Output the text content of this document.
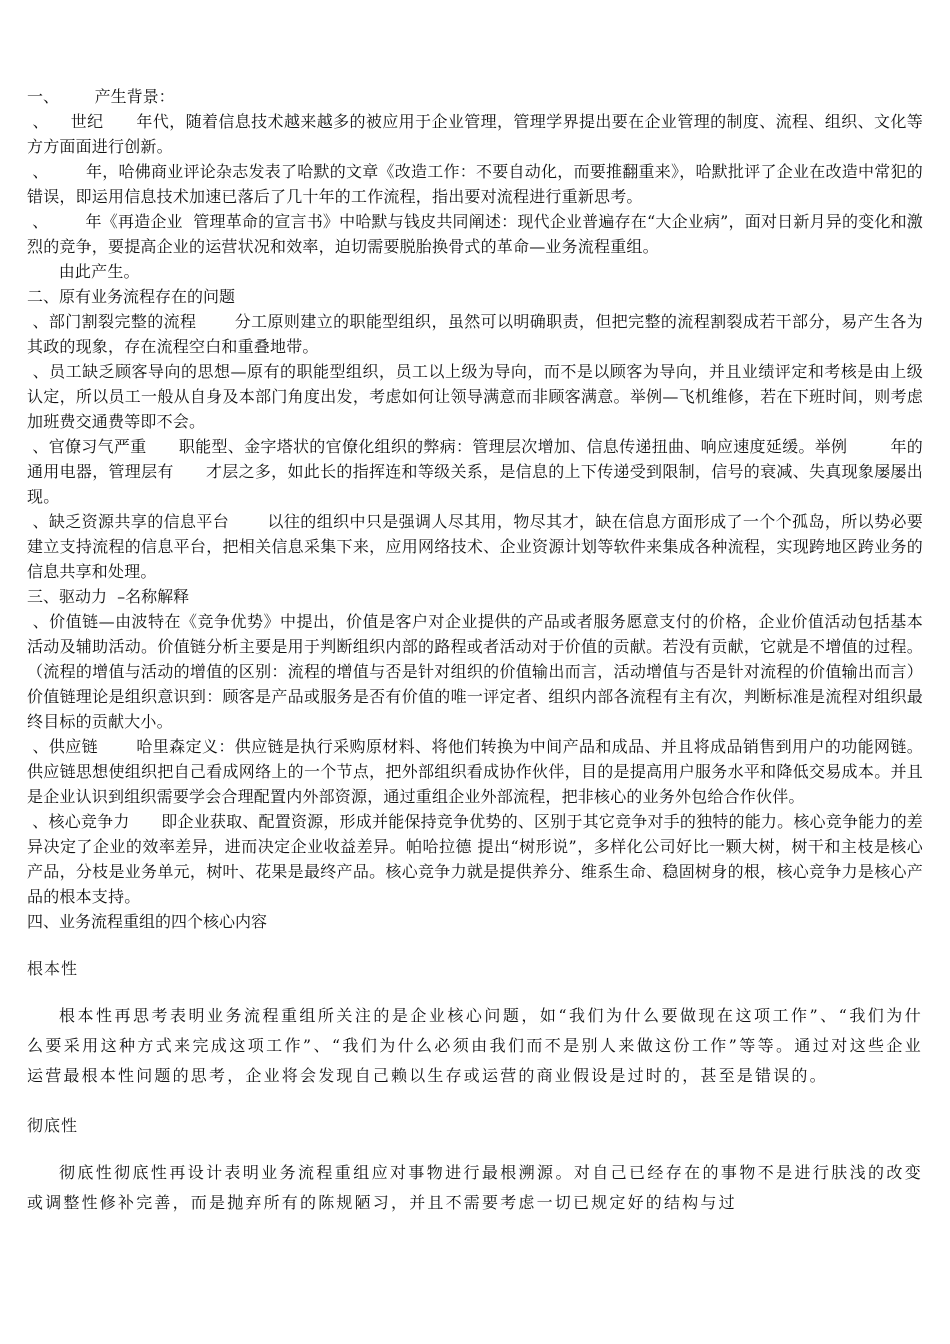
一、       产生背景：

、    世纪      年代，随着信息技术越来越多的被应用于企业管理，管理学界提出要在企业管理的制度、流程、组织、文化等方方面面进行创新。

、       年，哈佛商业评论杂志发表了哈默的文章《改造工作：不要自动化，而要推翻重来》，哈默批评了企业在改造中常犯的错误，即运用信息技术加速已落后了几十年的工作流程，指出要对流程进行重新思考。

、       年《再造企业  管理革命的宣言书》中哈默与钱皮共同阐述：现代企业普遍存在“大企业病”，面对日新月异的变化和激烈的竞争，要提高企业的运营状况和效率，迫切需要脱胎换骨式的革命—业务流程重组。

由此产生。

二、原有业务流程存在的问题

、部门割裂完整的流程       分工原则建立的职能型组织，虽然可以明确职责，但把完整的流程割裂成若干部分，易产生各为其政的现象，存在流程空白和重叠地带。

、员工缺乏顾客导向的思想—原有的职能型组织，员工以上级为导向，而不是以顾客为导向，并且业绩评定和考核是由上级认定，所以员工一般从自身及本部门角度出发，考虑如何让领导满意而非顾客满意。举例—飞机维修，若在下班时间，则考虑加班费交通费等即不会。

、官僚习气严重      职能型、金字塔状的官僚化组织的弊病：管理层次增加、信息传递扭曲、响应速度延缓。举例        年的通用电器，管理层有      才层之多，如此长的指挥连和等级关系，是信息的上下传递受到限制，信号的衰减、失真现象屡屡出现。

、缺乏资源共享的信息平台       以往的组织中只是强调人尽其用，物尽其才，缺在信息方面形成了一个个孤岛，所以势必要建立支持流程的信息平台，把相关信息采集下来，应用网络技术、企业资源计划等软件来集成各种流程，实现跨地区跨业务的信息共享和处理。

三、驱动力  –名称解释

、价值链—由波特在《竞争优势》中提出，价值是客户对企业提供的产品或者服务愿意支付的价格，企业价值活动包括基本活动及辅助活动。价值链分析主要是用于判断组织内部的路程或者活动对于价值的贡献。若没有贡献，它就是不增值的过程。（流程的增值与活动的增值的区别：流程的增值与否是针对组织的价值输出而言，活动增值与否是针对流程的价值输出而言）价值链理论是组织意识到：顾客是产品或服务是否有价值的唯一评定者、组织内部各流程有主有次，判断标准是流程对组织最终目标的贡献大小。

、供应链       哈里森定义：供应链是执行采购原材料、将他们转换为中间产品和成品、并且将成品销售到用户的功能网链。供应链思想使组织把自己看成网络上的一个节点，把外部组织看成协作伙伴，目的是提高用户服务水平和降低交易成本。并且是企业认识到组织需要学会合理配置内外部资源，通过重组企业外部流程，把非核心的业务外包给合作伙伴。

、核心竞争力      即企业获取、配置资源，形成并能保持竞争优势的、区别于其它竞争对手的独特的能力。核心竞争能力的差异决定了企业的效率差异，进而决定企业收益差异。帕哈拉德 提出“树形说”，多样化公司好比一颗大树，树干和主枝是核心产品，分枝是业务单元，树叶、花果是最终产品。核心竞争力就是提供养分、维系生命、稳固树身的根，核心竞争力是核心产品的根本支持。

四、业务流程重组的四个核心内容

根本性

根本性再思考表明业务流程重组所关注的是企业核心问题，如“我们为什么要做现在这项工作”、“我们为什么要采用这种方式来完成这项工作”、“我们为什么必须由我们而不是别人来做这份工作”等等。通过对这些企业运营最根本性问题的思考，企业将会发现自己赖以生存或运营的商业假设是过时的，甚至是错误的。

彻底性

彻底性彻底性再设计表明业务流程重组应对事物进行最根溯源。对自己已经存在的事物不是进行肤浅的改变或调整性修补完善，而是抛弃所有的陈规陋习，并且不需要考虑一切已规定好的结构与过
